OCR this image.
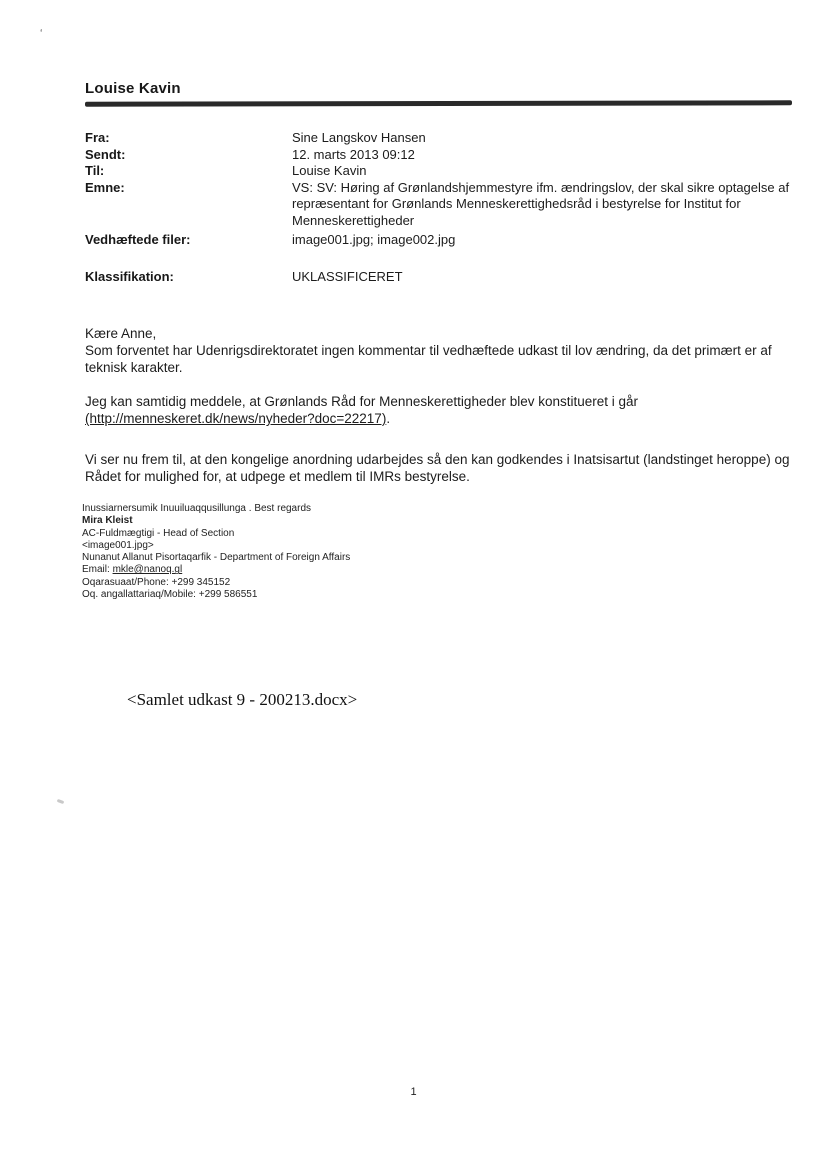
ʻ
Louise Kavin
Fra:	Sine Langskov Hansen
Sendt:	12. marts 2013 09:12
Til:	Louise Kavin
Emne:	VS: SV: Høring af Grønlandshjemmestyre ifm. ændringslov, der skal sikre optagelse af repræsentant for Grønlands Menneskerettighedsråd i bestyrelse for Institut for Menneskerettigheder
Vedhæftede filer:	image001.jpg; image002.jpg
Klassifikation:	UKLASSIFICERET

Kære Anne,

Som forventet har Udenrigsdirektoratet ingen kommentar til vedhæftede udkast til lov ændring, da det primært er af teknisk karakter.

Jeg kan samtidig meddele, at Grønlands Råd for Menneskerettigheder blev konstitueret i går
(http://menneskeret.dk/news/nyheder?doc=22217).

Vi ser nu frem til, at den kongelige anordning udarbejdes så den kan godkendes i Inatsisartut (landstinget heroppe) og Rådet for mulighed for, at udpege et medlem til IMRs bestyrelse.

Inussiarnersumik Inuuiluaqqusillunga . Best regards
Mira Kleist
AC-Fuldmægtigi - Head of Section
<image001.jpg>
Nunanut Allanut Pisortaqarfik - Department of Foreign Affairs
Email: mkle@nanoq.gl
Oqarasuaat/Phone: +299 345152
Oq. angallattariaq/Mobile: +299 586551
<Samlet udkast 9 - 200213.docx>
1
